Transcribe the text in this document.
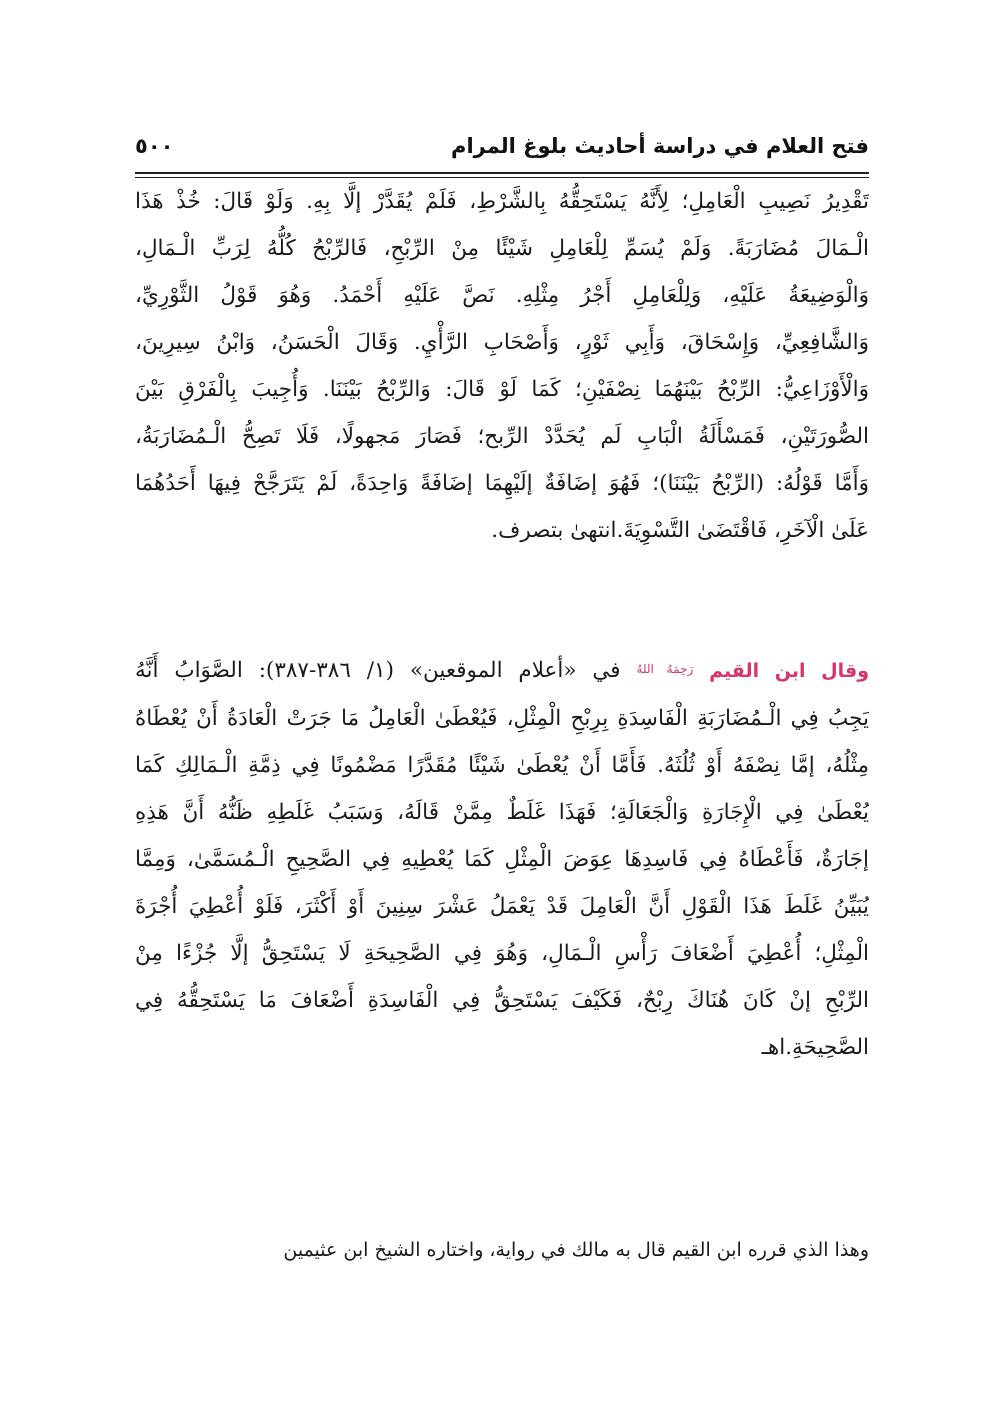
فتح العلام في دراسة أحاديث بلوغ المرام
٥٠٠
تَقْدِيرُ نَصِيبِ الْعَامِلِ؛ لِأَنَّهُ يَسْتَحِقُّهُ بِالشَّرْطِ، فَلَمْ يُقَدَّرْ إلَّا بِهِ. وَلَوْ قَالَ: خُذْ هَذَا
الْـمَالَ مُضَارَبَةً. وَلَمْ يُسَمِّ لِلْعَامِلِ شَيْئًا مِنْ الرِّبْحِ، فَالرِّبْحُ كُلُّهُ لِرَبِّ الْـمَالِ،
وَالْوَضِيعَةُ عَلَيْهِ، وَلِلْعَامِلِ أَجْرُ مِثْلِهِ. نَصَّ عَلَيْهِ أَحْمَدُ. وَهُوَ قَوْلُ الثَّوْرِيِّ،
وَالشَّافِعِيِّ، وَإِسْحَاقَ، وَأَبِي ثَوْرٍ، وَأَصْحَابِ الرَّأْيِ. وَقَالَ الْحَسَنُ، وَابْنُ سِيرِينَ،
وَالْأَوْزَاعِيُّ: الرِّبْحُ بَيْنَهُمَا نِصْفَيْنِ؛ كَمَا لَوْ قَالَ: وَالرِّبْحُ بَيْنَنَا. وَأُجِيبَ بِالْفَرْقِ بَيْنَ
الصُّورَتَيْنِ، فَمَسْأَلَةُ الْبَابِ لَم يُحَدَّدْ الرِّبح؛ فَصَارَ مَجهولًا، فَلَا تَصِحُّ الْـمُضَارَبَةُ،
وَأَمَّا قَوْلُهُ: (الرِّبْحُ بَيْنَنَا)؛ فَهُوَ إضَافَةٌ إلَيْهِمَا إضَافَةً وَاحِدَةً، لَمْ يَتَرَجَّحْ فِيهَا أَحَدُهُمَا
عَلَىٰ الْآخَرِ، فَاقْتَضَىٰ التَّسْوِيَةَ.انتهىٰ بتصرف.
وقال ابن القيم رَحِمَهُ اللهُ في «أعلام الموقعين» (١/ ٣٨٦-٣٨٧): الصَّوَابُ أَنَّهُ
يَجِبُ فِي الْـمُضَارَبَةِ الْفَاسِدَةِ بِرِبْحِ الْمِثْلِ، فَيُعْطَىٰ الْعَامِلُ مَا جَرَتْ الْعَادَةُ أَنْ يُعْطَاهُ
مِثْلُهُ، إمَّا نِصْفَهُ أَوْ ثُلُثَهُ. فَأَمَّا أَنْ يُعْطَىٰ شَيْئًا مُقَدَّرًا مَضْمُونًا فِي ذِمَّةِ الْـمَالِكِ كَمَا
يُعْطَىٰ فِي الْإِجَارَةِ وَالْجَعَالَةِ؛ فَهَذَا غَلَطٌ مِمَّنْ قَالَهُ، وَسَبَبُ غَلَطِهِ ظَنُّهُ أَنَّ هَذِهِ
إجَارَةٌ، فَأَعْطَاهُ فِي فَاسِدِهَا عِوَضَ الْمِثْلِ كَمَا يُعْطِيهِ فِي الصَّحِيحِ الْـمُسَمَّىٰ، وَمِمَّا
يُبَيِّنُ غَلَطَ هَذَا الْقَوْلِ أَنَّ الْعَامِلَ قَدْ يَعْمَلُ عَشْرَ سِنِينَ أَوْ أَكْثَرَ، فَلَوْ أُعْطِيَ أُجْرَةَ
الْمِثْلِ؛ أُعْطِيَ أَضْعَافَ رَأْسِ الْـمَالِ، وَهُوَ فِي الصَّحِيحَةِ لَا يَسْتَحِقُّ إلَّا جُزْءًا مِنْ
الرِّبْحِ إنْ كَانَ هُنَاكَ رِبْحٌ، فَكَيْفَ يَسْتَحِقُّ فِي الْفَاسِدَةِ أَضْعَافَ مَا يَسْتَحِقُّهُ فِي
الصَّحِيحَةِ.اهـ
وهذا الذي قرره ابن القيم قال به مالك في رواية، واختاره الشيخ ابن عثيمين
